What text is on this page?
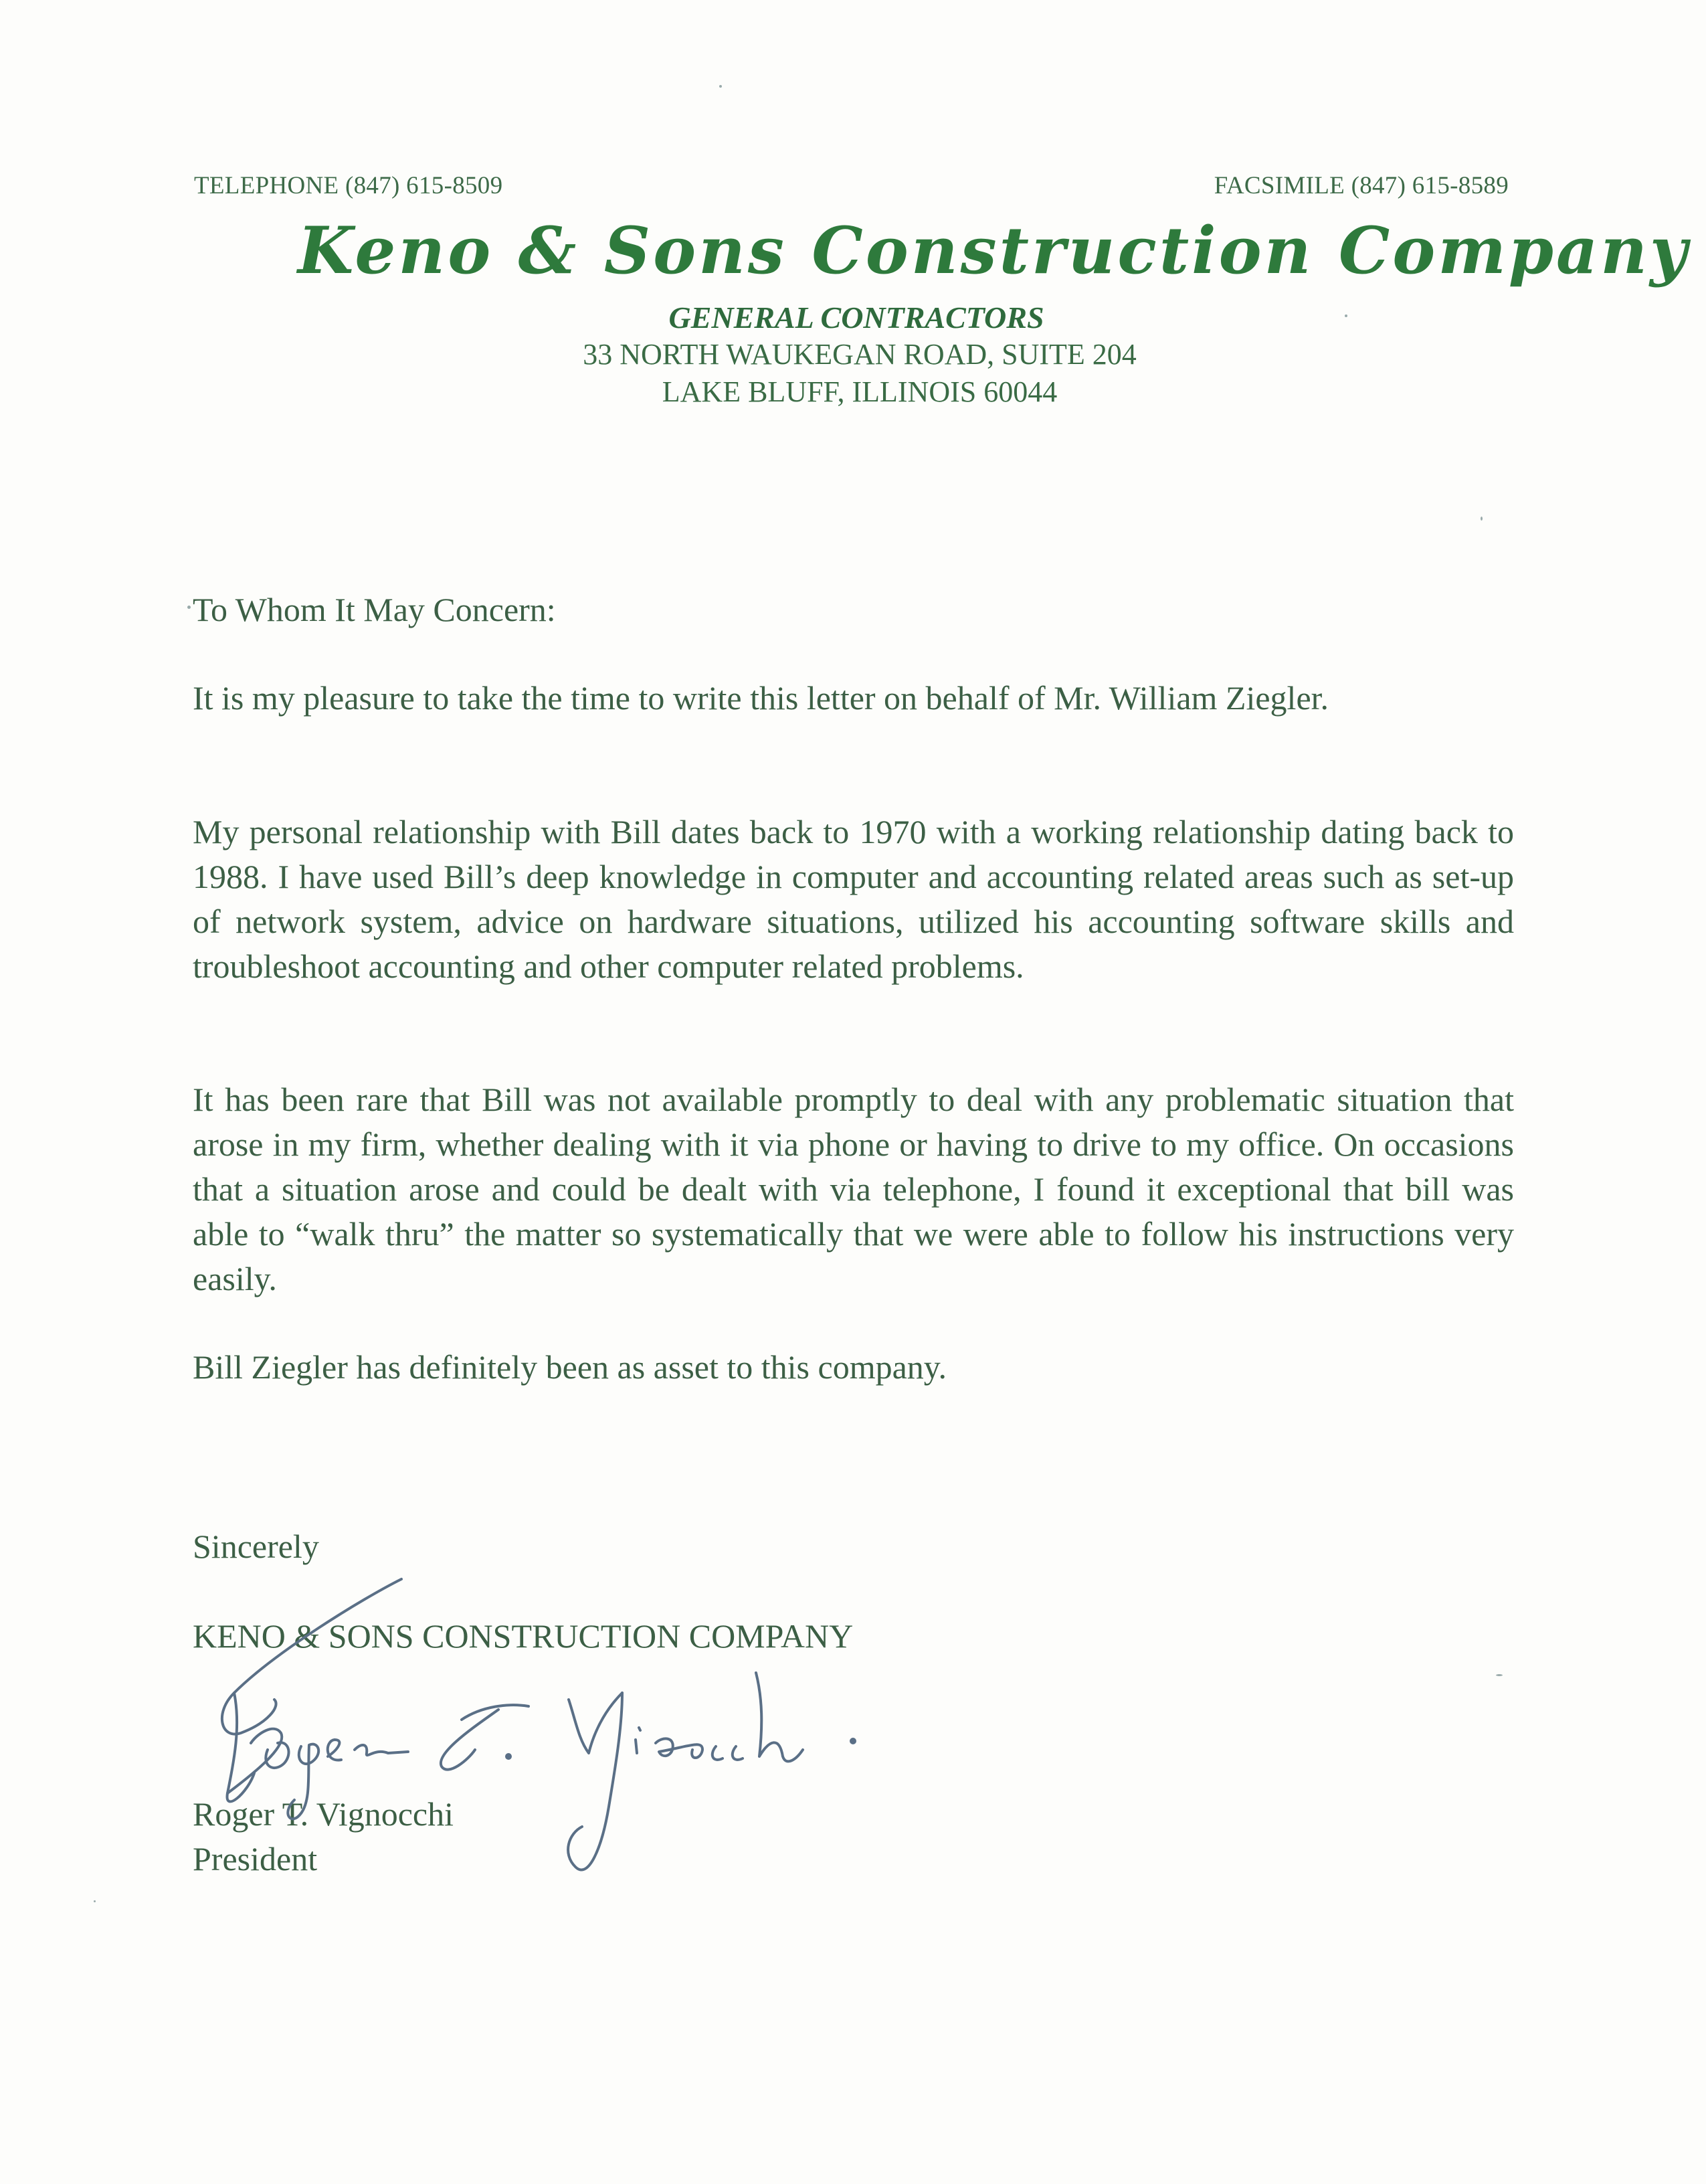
TELEPHONE (847) 615-8509	FACSIMILE (847) 615-8589
Keno & Sons Construction Company
GENERAL CONTRACTORS
33 NORTH WAUKEGAN ROAD, SUITE 204
LAKE BLUFF, ILLINOIS 60044
To Whom It May Concern:
It is my pleasure to take the time to write this letter on behalf of Mr. William Ziegler.
My personal relationship with Bill dates back to 1970 with a working relationship dating back to 1988. I have used Bill’s deep knowledge in computer and accounting related areas such as set-up of network system, advice on hardware situations, utilized his accounting software skills and troubleshoot accounting and other computer related problems.
It has been rare that Bill was not available promptly to deal with any problematic situation that arose in my firm, whether dealing with it via phone or having to drive to my office. On occasions that a situation arose and could be dealt with via telephone, I found it exceptional that bill was able to “walk thru” the matter so systematically that we were able to follow his instructions very easily.
Bill Ziegler has definitely been as asset to this company.
Sincerely
KENO & SONS CONSTRUCTION COMPANY
Roger T. Vignocchi
President
